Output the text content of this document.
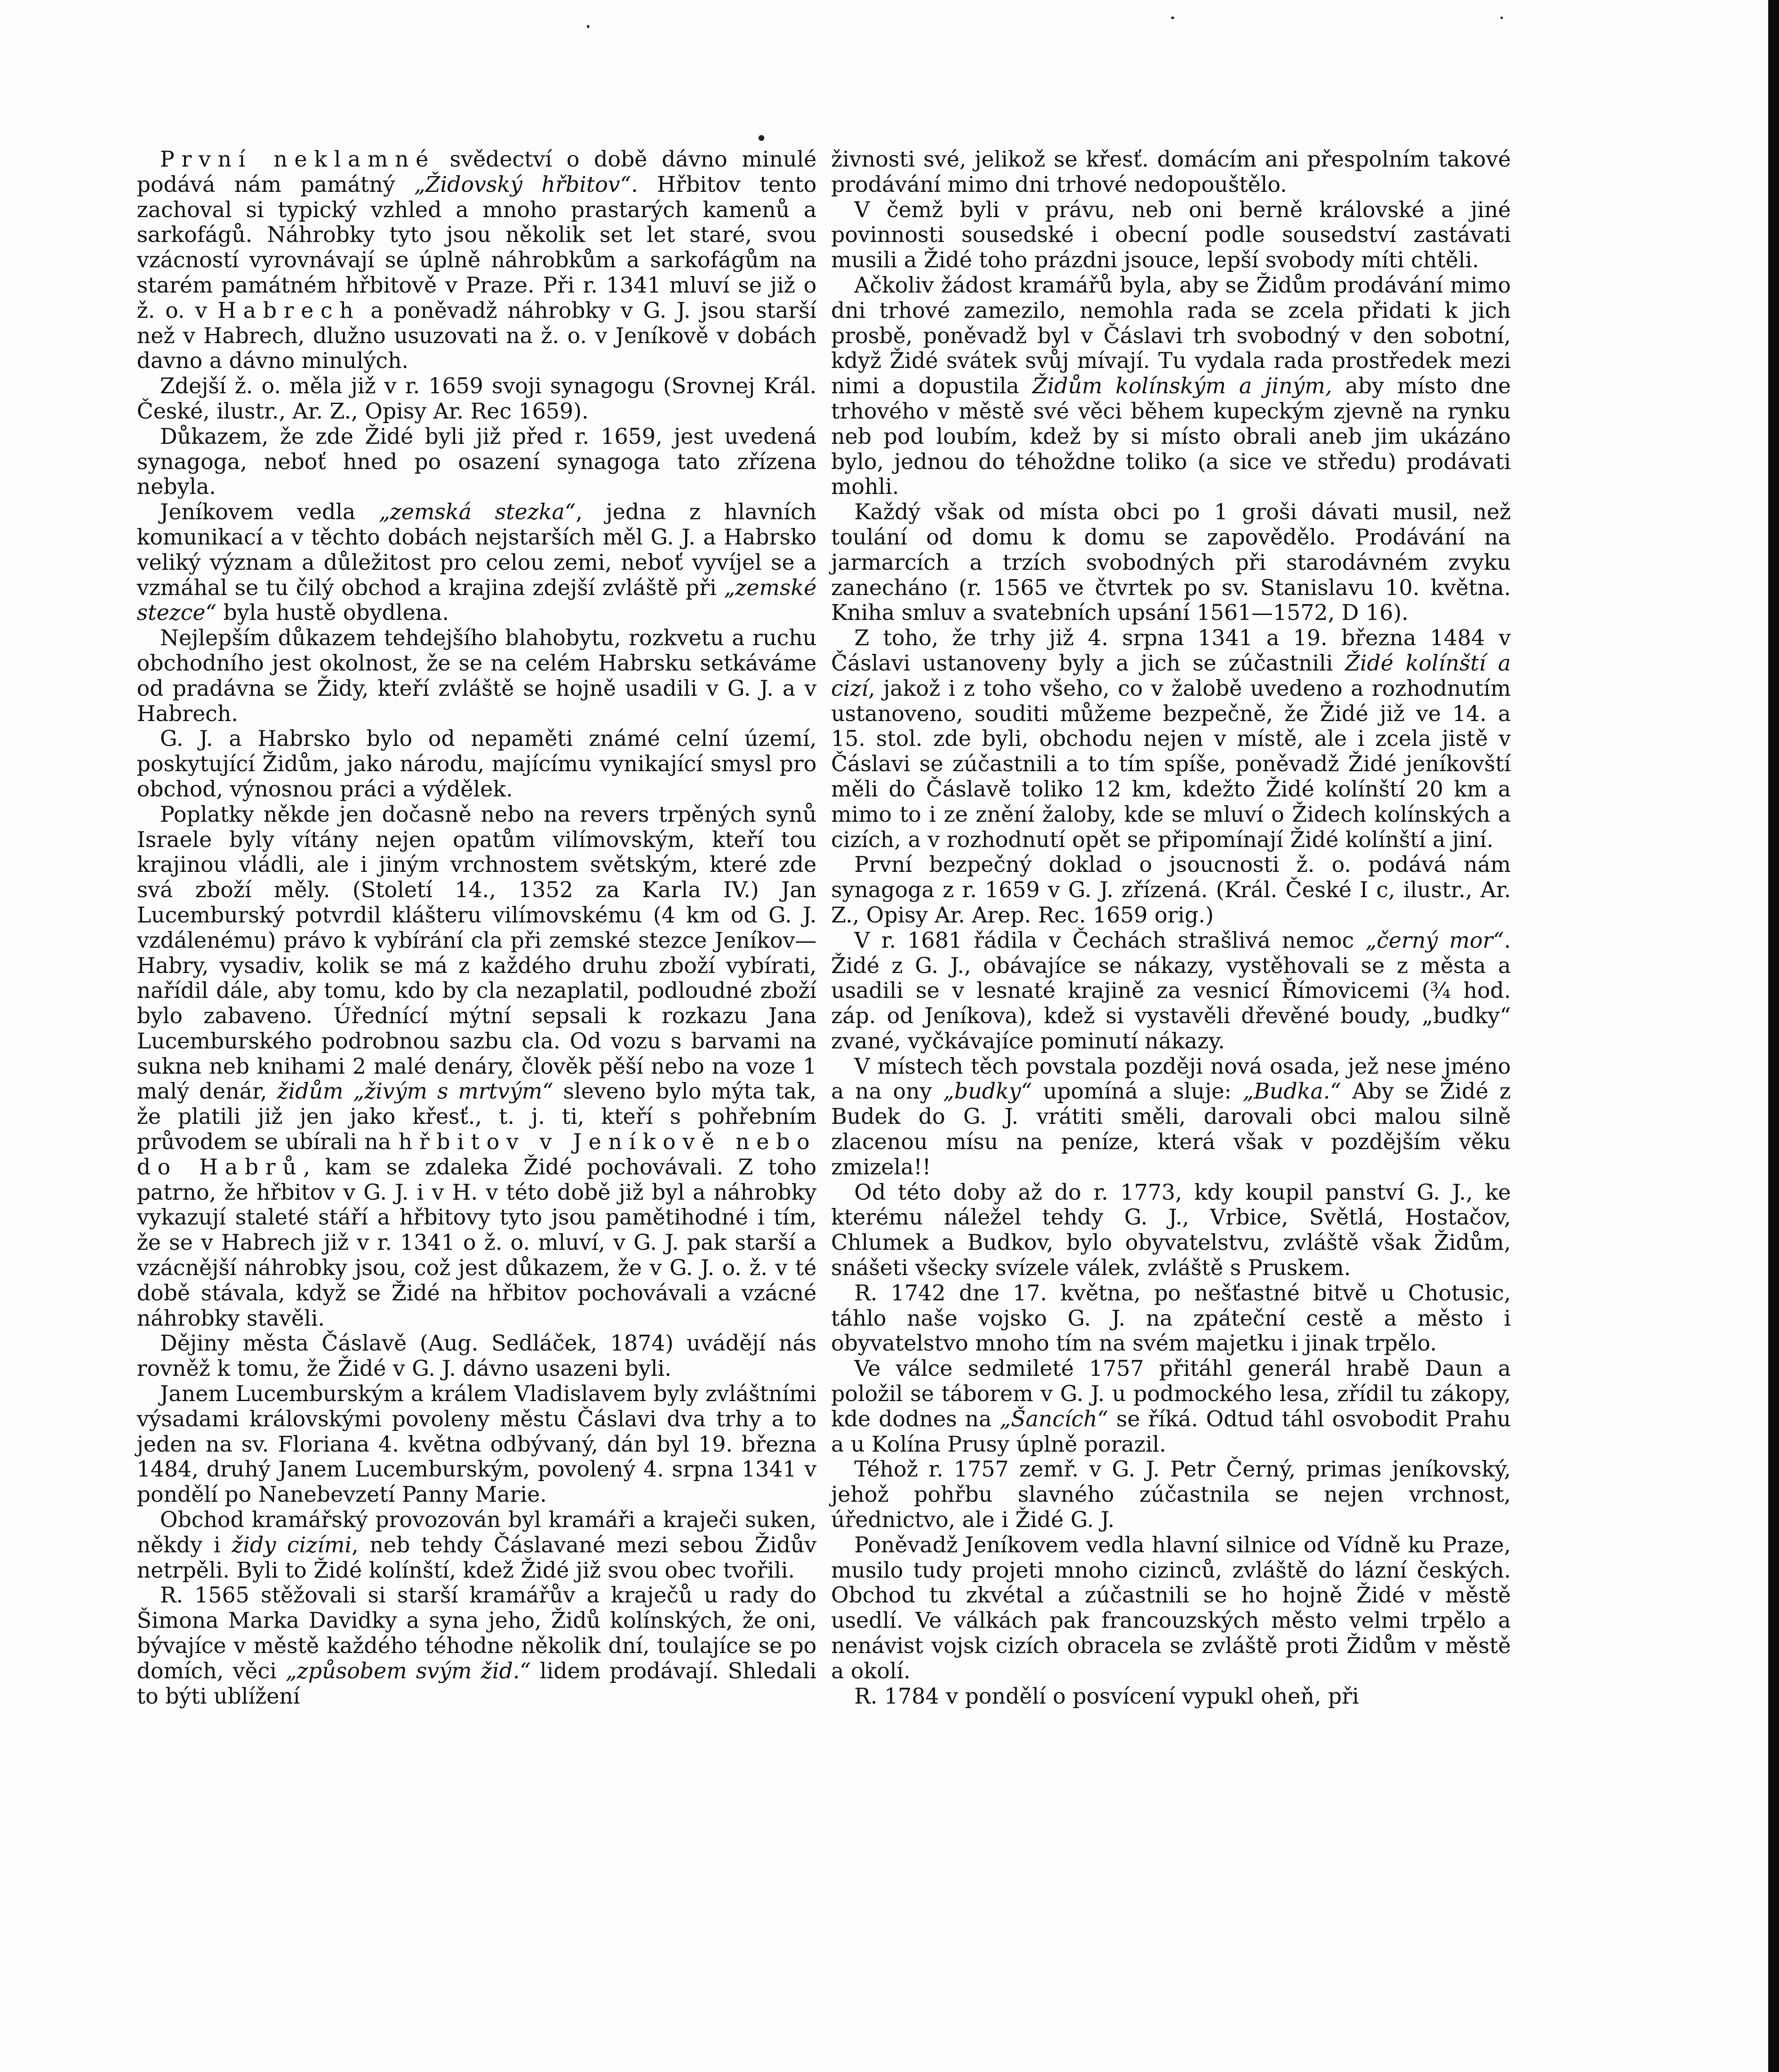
První neklamné svědectví o době dávno minulé podává nám památný „Židovský hřbitov“. Hřbitov tento zachoval si typický vzhled a mnoho prastarých kamenů a sarkofágů. Náhrobky tyto jsou několik set let staré, svou vzácností vyrovnávají se úplně náhrobkům a sarkofágům na starém památném hřbitově v Praze. Při r. 1341 mluví se již o ž. o. v Habrech a poněvadž náhrobky v G. J. jsou starší než v Habrech, dlužno usuzovati na ž. o. v Jeníkově v dobách davno a dávno minulých.

Zdejší ž. o. měla již v r. 1659 svoji synagogu (Srovnej Král. České, ilustr., Ar. Z., Opisy Ar. Rec 1659).

Důkazem, že zde Židé byli již před r. 1659, jest uvedená synagoga, neboť hned po osazení synagoga tato zřízena nebyla.

Jeníkovem vedla „zemská stezka“, jedna z hlavních komunikací a v těchto dobách nejstarších měl G. J. a Habrsko veliký význam a důležitost pro celou zemi, neboť vyvíjel se a vzmáhal se tu čilý obchod a krajina zdejší zvláště při „zemské stezce“ byla hustě obydlena.

Nejlepším důkazem tehdejšího blahobytu, rozkvetu a ruchu obchodního jest okolnost, že se na celém Habrsku setkáváme od pradávna se Židy, kteří zvláště se hojně usadili v G. J. a v Habrech.

G. J. a Habrsko bylo od nepaměti známé celní území, poskytující Židům, jako národu, majícímu vynikající smysl pro obchod, výnosnou práci a výdělek.

Poplatky někde jen dočasně nebo na revers trpěných synů Israele byly vítány nejen opatům vilímovským, kteří tou krajinou vládli, ale i jiným vrchnostem světským, které zde svá zboží měly. (Století 14., 1352 za Karla IV.) Jan Lucemburský potvrdil klášteru vilímovskému (4 km od G. J. vzdálenému) právo k vybírání cla při zemské stezce Jeníkov—Habry, vysadiv, kolik se má z každého druhu zboží vybírati, nařídil dále, aby tomu, kdo by cla nezaplatil, podloudné zboží bylo zabaveno. Úřednící mýtní sepsali k rozkazu Jana Lucemburského podrobnou sazbu cla. Od vozu s barvami na sukna neb knihami 2 malé denáry, člověk pěší nebo na voze 1 malý denár, židům „živým s mrtvým“ sleveno bylo mýta tak, že platili již jen jako křesť., t. j. ti, kteří s pohřebním průvodem se ubírali na hřbitov v Jeníkově nebo do Habrů, kam se zdaleka Židé pochovávali. Z toho patrno, že hřbitov v G. J. i v H. v této době již byl a náhrobky vykazují staleté stáří a hřbitovy tyto jsou pamětihodné i tím, že se v Habrech již v r. 1341 o ž. o. mluví, v G. J. pak starší a vzácnější náhrobky jsou, což jest důkazem, že v G. J. o. ž. v té době stávala, když se Židé na hřbitov pochovávali a vzácné náhrobky stavěli.

Dějiny města Čáslavě (Aug. Sedláček, 1874) uvádějí nás rovněž k tomu, že Židé v G. J. dávno usazeni byli.

Janem Lucemburským a králem Vladislavem byly zvláštními výsadami královskými povoleny městu Čáslavi dva trhy a to jeden na sv. Floriana 4. května odbývaný, dán byl 19. března 1484, druhý Janem Lucemburským, povolený 4. srpna 1341 v pondělí po Nanebevzetí Panny Marie.

Obchod kramářský provozován byl kramáři a kraječi suken, někdy i židy cizími, neb tehdy Čáslavané mezi sebou Židův netrpěli. Byli to Židé kolínští, kdež Židé již svou obec tvořili.

R. 1565 stěžovali si starší kramářův a kraječů u rady do Šimona Marka Davidky a syna jeho, Židů kolínských, že oni, bývajíce v městě každého téhodne několik dní, toulajíce se po domích, věci „způsobem svým žid.“ lidem prodávají. Shledali to býti ublížení

živnosti své, jelikož se křesť. domácím ani přespolním takové prodávání mimo dni trhové nedopouštělo.

V čemž byli v právu, neb oni berně královské a jiné povinnosti sousedské i obecní podle sousedství zastávati musili a Židé toho prázdni jsouce, lepší svobody míti chtěli.

Ačkoliv žádost kramářů byla, aby se Židům prodávání mimo dni trhové zamezilo, nemohla rada se zcela přidati k jich prosbě, poněvadž byl v Čáslavi trh svobodný v den sobotní, když Židé svátek svůj mívají. Tu vydala rada prostředek mezi nimi a dopustila Židům kolínským a jiným, aby místo dne trhového v městě své věci během kupeckým zjevně na rynku neb pod loubím, kdež by si místo obrali aneb jim ukázáno bylo, jednou do téhoždne toliko (a sice ve středu) prodávati mohli.

Každý však od místa obci po 1 groši dávati musil, než toulání od domu k domu se zapovědělo. Prodávání na jarmarcích a trzích svobodných při starodávném zvyku zanecháno (r. 1565 ve čtvrtek po sv. Stanislavu 10. května. Kniha smluv a svatebních upsání 1561—1572, D 16).

Z toho, že trhy již 4. srpna 1341 a 19. března 1484 v Čáslavi ustanoveny byly a jich se zúčastnili Židé kolínští a cizí, jakož i z toho všeho, co v žalobě uvedeno a rozhodnutím ustanoveno, souditi můžeme bezpečně, že Židé již ve 14. a 15. stol. zde byli, obchodu nejen v místě, ale i zcela jistě v Čáslavi se zúčastnili a to tím spíše, poněvadž Židé jeníkovští měli do Čáslavě toliko 12 km, kdežto Židé kolínští 20 km a mimo to i ze znění žaloby, kde se mluví o Židech kolínských a cizích, a v rozhodnutí opět se připomínají Židé kolínští a jiní.

První bezpečný doklad o jsoucnosti ž. o. podává nám synagoga z r. 1659 v G. J. zřízená. (Král. České I c, ilustr., Ar. Z., Opisy Ar. Arep. Rec. 1659 orig.)

V r. 1681 řádila v Čechách strašlivá nemoc „černý mor“. Židé z G. J., obávajíce se nákazy, vystěhovali se z města a usadili se v lesnaté krajině za vesnicí Římovicemi (¾ hod. záp. od Jeníkova), kdež si vystavěli dřevěné boudy, „budky“ zvané, vyčkávajíce pominutí nákazy.

V místech těch povstala později nová osada, jež nese jméno a na ony „budky“ upomíná a sluje: „Budka.“ Aby se Židé z Budek do G. J. vrátiti směli, darovali obci malou silně zlacenou mísu na peníze, která však v pozdějším věku zmizela!!

Od této doby až do r. 1773, kdy koupil panství G. J., ke kterému náležel tehdy G. J., Vrbice, Světlá, Hostačov, Chlumek a Budkov, bylo obyvatelstvu, zvláště však Židům, snášeti všecky svízele válek, zvláště s Pruskem.

R. 1742 dne 17. května, po nešťastné bitvě u Chotusic, táhlo naše vojsko G. J. na zpáteční cestě a město i obyvatelstvo mnoho tím na svém majetku i jinak trpělo.

Ve válce sedmileté 1757 přitáhl generál hrabě Daun a položil se táborem v G. J. u podmockého lesa, zřídil tu zákopy, kde dodnes na „Šancích“ se říká. Odtud táhl osvobodit Prahu a u Kolína Prusy úplně porazil.

Téhož r. 1757 zemř. v G. J. Petr Černý, primas jeníkovský, jehož pohřbu slavného zúčastnila se nejen vrchnost, úřednictvo, ale i Židé G. J.

Poněvadž Jeníkovem vedla hlavní silnice od Vídně ku Praze, musilo tudy projeti mnoho cizinců, zvláště do lázní českých. Obchod tu zkvétal a zúčastnili se ho hojně Židé v městě usedlí. Ve válkách pak francouzských město velmi trpělo a nenávist vojsk cizích obracela se zvláště proti Židům v městě a okolí.

R. 1784 v pondělí o posvícení vypukl oheň, při
